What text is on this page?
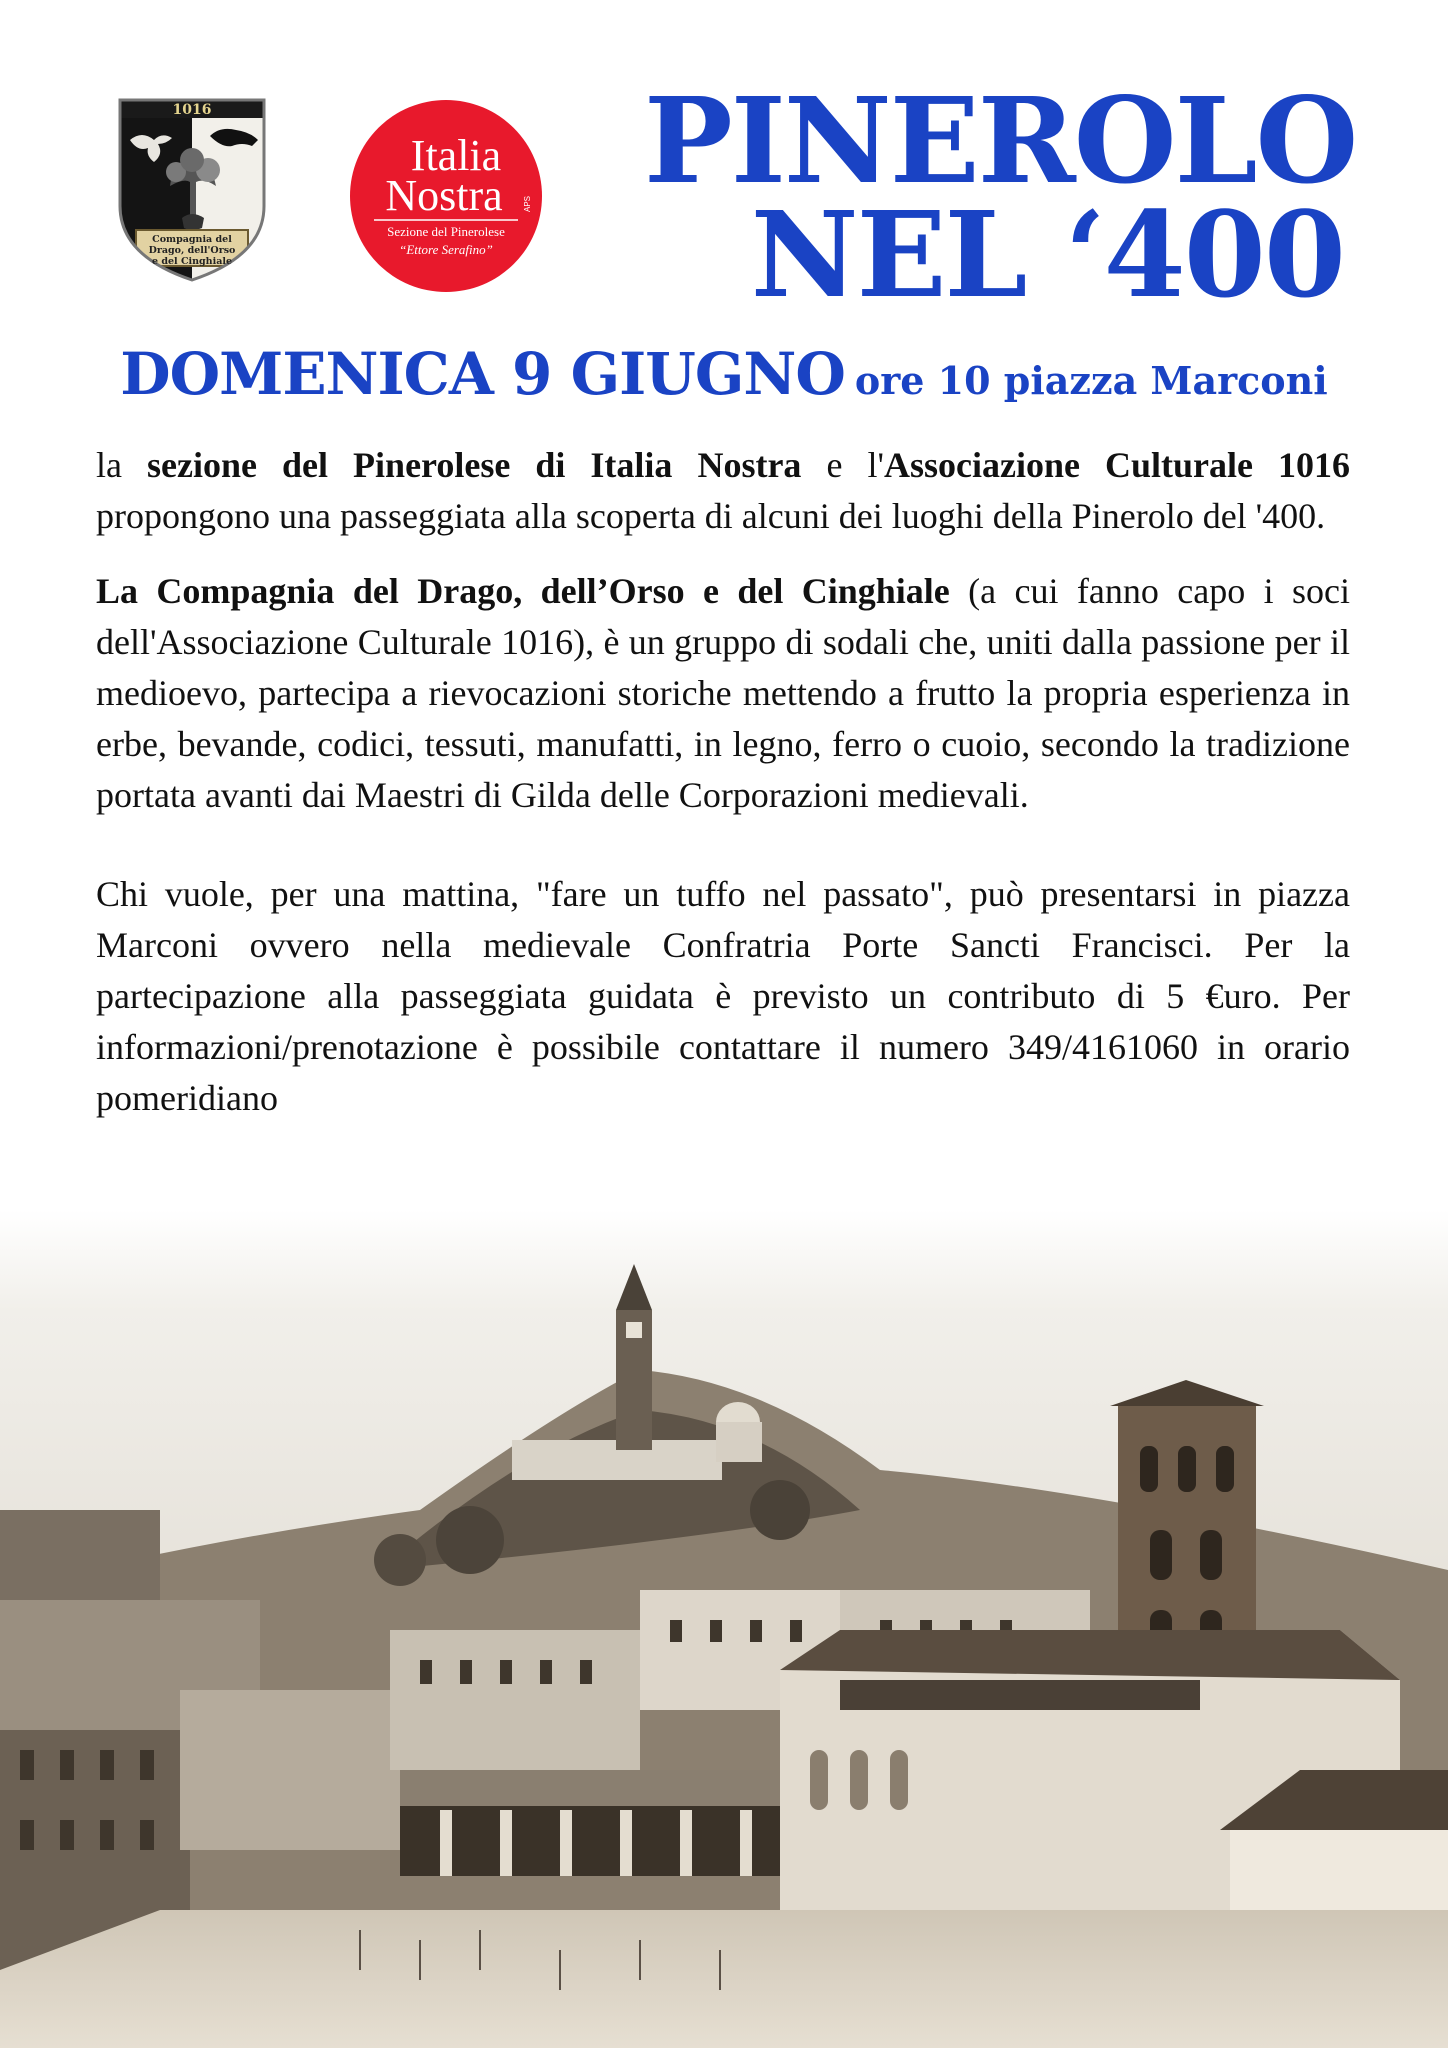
1016
Compagnia del
Drago, dell'Orso
e del Cinghiale
Italia
Nostra	APS
Sezione del Pinerolese
“Ettore Serafino”
PINEROLO
NEL ‘400
DOMENICA 9 GIUGNO ore 10 piazza Marconi

la sezione del Pinerolese di Italia Nostra e l'Associazione Culturale 1016 propongono una passeggiata alla scoperta di alcuni dei luoghi della Pinerolo del '400.

La Compagnia del Drago, dell’Orso e del Cinghiale (a cui fanno capo i soci dell'Associazione Culturale 1016), è un gruppo di sodali che, uniti dalla passione per il medioevo, partecipa a rievocazioni storiche mettendo a frutto la propria esperienza in erbe, bevande, codici, tessuti, manufatti, in legno, ferro o cuoio, secondo la tradizione portata avanti dai Maestri di Gilda delle Corporazioni medievali.

Chi vuole, per una mattina, "fare un tuffo nel passato", può presentarsi in piazza Marconi ovvero nella medievale Confratria Porte Sancti Francisci. Per la partecipazione alla passeggiata guidata è previsto un contributo di 5 €uro. Per informazioni/prenotazione è possibile contattare il numero 349/4161060 in orario pomeridiano
